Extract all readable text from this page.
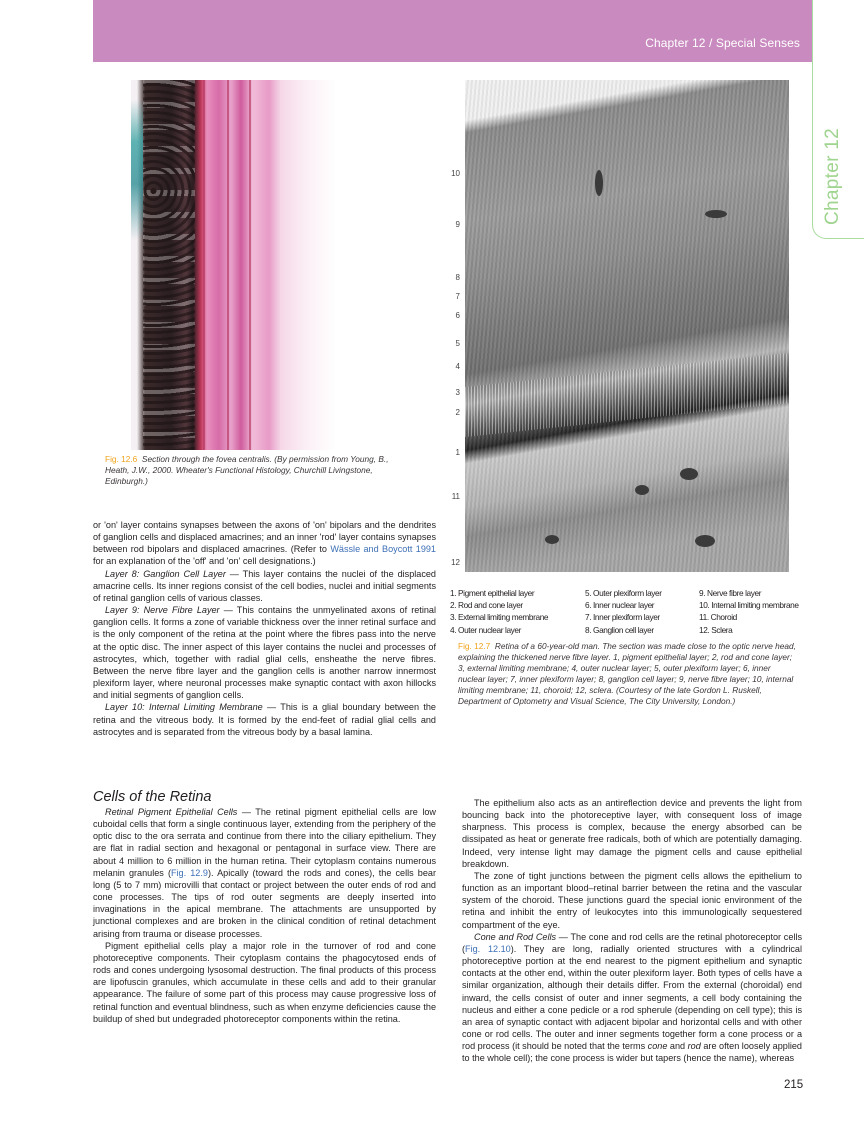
Chapter 12 / Special Senses
Chapter 12
Fig. 12.6 Section through the fovea centralis. (By permission from Young, B., Heath, J.W., 2000. Wheater's Functional Histology, Churchill Livingstone, Edinburgh.)
10
9
8
7
6
5
4
3
2
1
11
12
1. Pigment epithelial layer
2. Rod and cone layer
3. External limiting membrane
4. Outer nuclear layer
5. Outer plexiform layer
6. Inner nuclear layer
7. Inner plexiform layer
8. Ganglion cell layer
9. Nerve fibre layer
10. Internal limiting membrane
11. Choroid
12. Sclera
Fig. 12.7 Retina of a 60-year-old man. The section was made close to the optic nerve head, explaining the thickened nerve fibre layer. 1, pigment epithelial layer; 2, rod and cone layer; 3, external limiting membrane; 4, outer nuclear layer; 5, outer plexiform layer; 6, inner nuclear layer; 7, inner plexiform layer; 8, ganglion cell layer; 9, nerve fibre layer; 10, internal limiting membrane; 11, choroid; 12, sclera. (Courtesy of the late Gordon L. Ruskell, Department of Optometry and Visual Science, The City University, London.)

or 'on' layer contains synapses between the axons of 'on' bipolars and the dendrites of ganglion cells and displaced amacrines; and an inner 'rod' layer contains synapses between rod bipolars and displaced amacrines. (Refer to Wässle and Boycott 1991 for an explanation of the 'off' and 'on' cell designations.)

Layer 8: Ganglion Cell Layer — This layer contains the nuclei of the displaced amacrine cells. Its inner regions consist of the cell bodies, nuclei and initial segments of retinal ganglion cells of various classes.

Layer 9: Nerve Fibre Layer — This contains the unmyelinated axons of retinal ganglion cells. It forms a zone of variable thickness over the inner retinal surface and is the only component of the retina at the point where the fibres pass into the nerve at the optic disc. The inner aspect of this layer contains the nuclei and processes of astrocytes, which, together with radial glial cells, ensheathe the nerve fibres. Between the nerve fibre layer and the ganglion cells is another narrow innermost plexiform layer, where neuronal processes make synaptic contact with axon hillocks and initial segments of ganglion cells.

Layer 10: Internal Limiting Membrane — This is a glial boundary between the retina and the vitreous body. It is formed by the end-feet of radial glial cells and astrocytes and is separated from the vitreous body by a basal lamina.

Cells of the Retina

Retinal Pigment Epithelial Cells — The retinal pigment epithelial cells are low cuboidal cells that form a single continuous layer, extending from the periphery of the optic disc to the ora serrata and continue from there into the ciliary epithelium. They are flat in radial section and hexagonal or pentagonal in surface view. There are about 4 million to 6 million in the human retina. Their cytoplasm contains numerous melanin granules (Fig. 12.9). Apically (toward the rods and cones), the cells bear long (5 to 7 mm) microvilli that contact or project between the outer ends of rod and cone processes. The tips of rod outer segments are deeply inserted into invaginations in the apical membrane. The attachments are unsupported by junctional complexes and are broken in the clinical condition of retinal detachment arising from trauma or disease processes.

Pigment epithelial cells play a major role in the turnover of rod and cone photoreceptive components. Their cytoplasm contains the phagocytosed ends of rods and cones undergoing lysosomal destruction. The final products of this process are lipofuscin granules, which accumulate in these cells and add to their granular appearance. The failure of some part of this process may cause progressive loss of retinal function and eventual blindness, such as when enzyme deficiencies cause the buildup of shed but undegraded photoreceptor components within the retina.

The epithelium also acts as an antireflection device and prevents the light from bouncing back into the photoreceptive layer, with consequent loss of image sharpness. This process is complex, because the energy absorbed can be dissipated as heat or generate free radicals, both of which are potentially damaging. Indeed, very intense light may damage the pigment cells and cause epithelial breakdown.

The zone of tight junctions between the pigment cells allows the epithelium to function as an important blood–retinal barrier between the retina and the vascular system of the choroid. These junctions guard the special ionic environment of the retina and inhibit the entry of leukocytes into this immunologically sequestered compartment of the eye.

Cone and Rod Cells — The cone and rod cells are the retinal photoreceptor cells (Fig. 12.10). They are long, radially oriented structures with a cylindrical photoreceptive portion at the end nearest to the pigment epithelium and synaptic contacts at the other end, within the outer plexiform layer. Both types of cells have a similar organization, although their details differ. From the external (choroidal) end inward, the cells consist of outer and inner segments, a cell body containing the nucleus and either a cone pedicle or a rod spherule (depending on cell type); this is an area of synaptic contact with adjacent bipolar and horizontal cells and with other cone or rod cells. The outer and inner segments together form a cone process or a rod process (it should be noted that the terms cone and rod are often loosely applied to the whole cell); the cone process is wider but tapers (hence the name), whereas

215
